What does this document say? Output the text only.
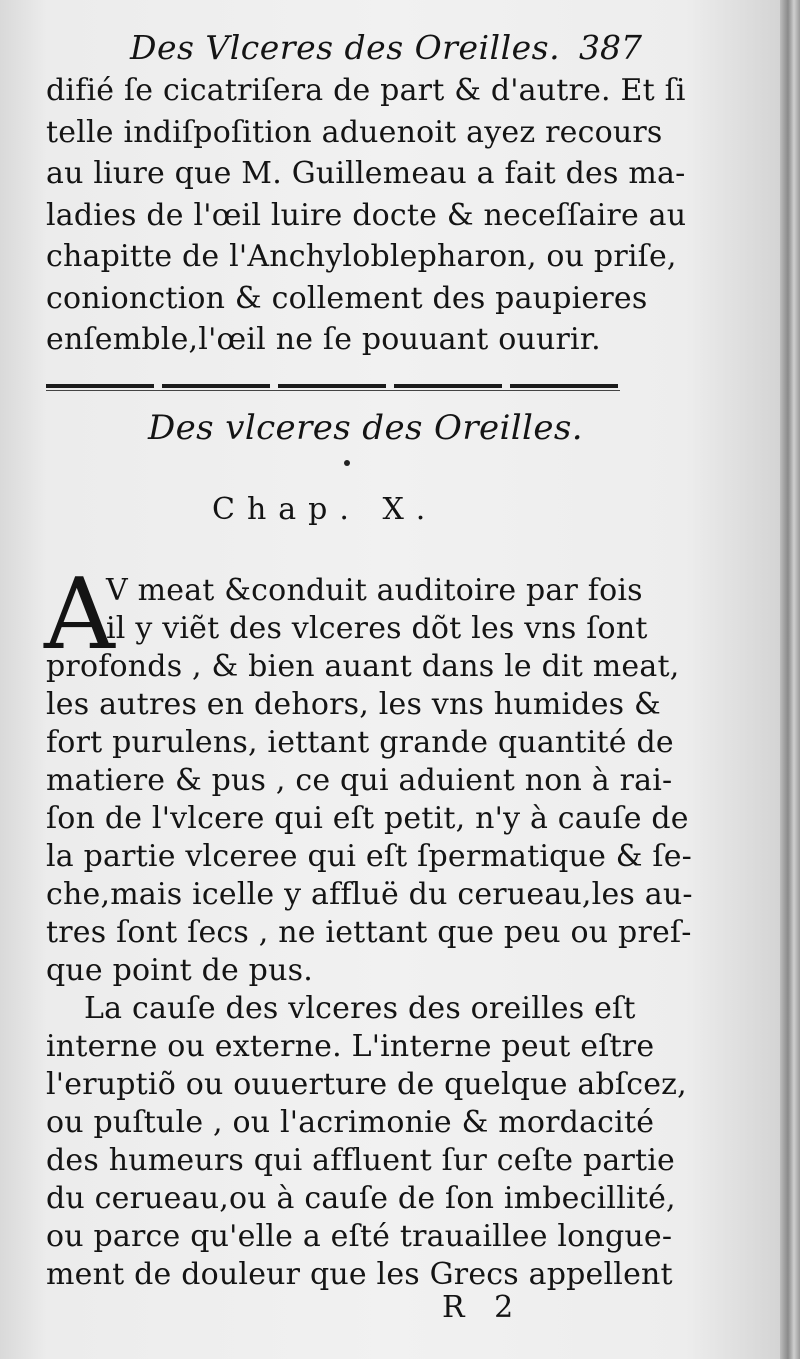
Des Vlceres des Oreilles. 387
difié ſe cicatriſera de part & d'autre. Et ſi
telle indiſpoſition aduenoit ayez recours
au liure que M. Guillemeau a fait des ma-
ladies de l'œil luire docte & neceſſaire au
chapitte de l'Anchyloblepharon, ou priſe,
conionction & collement des paupieres
enſemble,l'œil ne ſe pouuant ouurir.
Des vlceres des Oreilles.
Chap. X.
A
V meat &conduit auditoire par fois
il y viẽt des vlceres dõt les vns ſont
profonds , & bien auant dans le dit meat,
les autres en dehors, les vns humides &
fort purulens, iettant grande quantité de
matiere & pus , ce qui aduient non à rai-
ſon de l'vlcere qui eſt petit, n'y à cauſe de
la partie vlceree qui eſt ſpermatique & ſe-
che,mais icelle y affluë du cerueau,les au-
tres ſont ſecs , ne iettant que peu ou preſ-
que point de pus.
La cauſe des vlceres des oreilles eſt
interne ou externe. L'interne peut eſtre
l'eruptiõ ou ouuerture de quelque abſcez,
ou puſtule , ou l'acrimonie & mordacité
des humeurs qui affluent ſur ceſte partie
du cerueau,ou à cauſe de ſon imbecillité,
ou parce qu'elle a eſté trauaillee longue-
ment de douleur que les Grecs appellent
R 2
